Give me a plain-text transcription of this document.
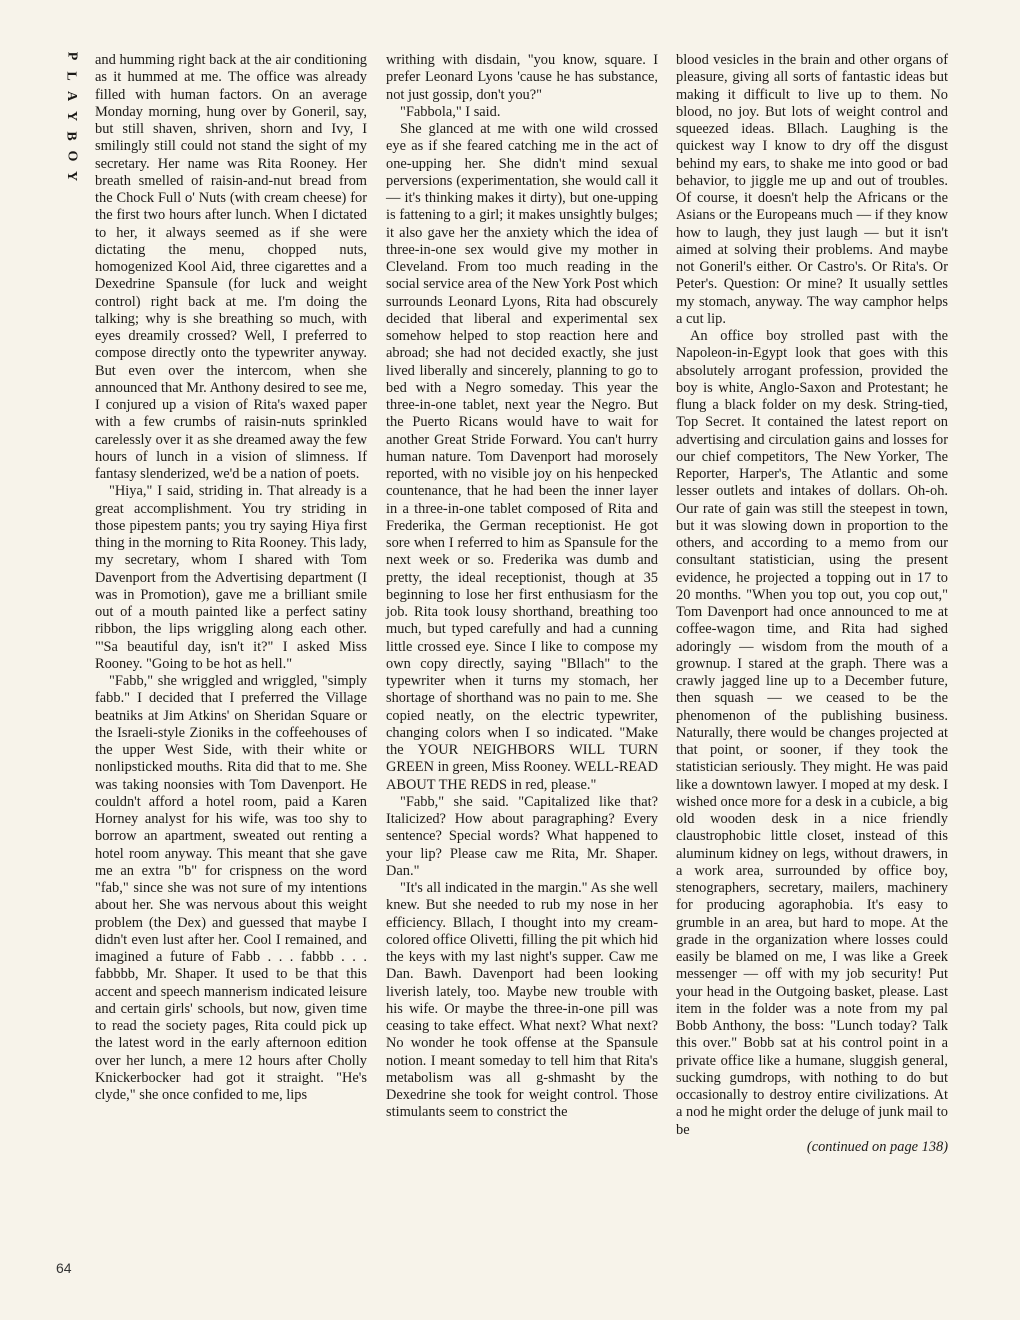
P
L
A
Y
B
O
Y
64

and humming right back at the air conditioning as it hummed at me. The office was already filled with human factors. On an average Monday morning, hung over by Goneril, say, but still shaven, shriven, shorn and Ivy, I smilingly still could not stand the sight of my secretary. Her name was Rita Rooney. Her breath smelled of raisin-and-nut bread from the Chock Full o' Nuts (with cream cheese) for the first two hours after lunch. When I dictated to her, it always seemed as if she were dictating the menu, chopped nuts, homogenized Kool Aid, three cigarettes and a Dexedrine Spansule (for luck and weight control) right back at me. I'm doing the talking; why is she breathing so much, with eyes dreamily crossed? Well, I preferred to compose directly onto the typewriter anyway. But even over the intercom, when she announced that Mr. Anthony desired to see me, I conjured up a vision of Rita's waxed paper with a few crumbs of raisin-nuts sprinkled carelessly over it as she dreamed away the few hours of lunch in a vision of slimness. If fantasy slenderized, we'd be a nation of poets.

"Hiya," I said, striding in. That already is a great accomplishment. You try striding in those pipestem pants; you try saying Hiya first thing in the morning to Rita Rooney. This lady, my secretary, whom I shared with Tom Davenport from the Advertising department (I was in Promotion), gave me a brilliant smile out of a mouth painted like a perfect satiny ribbon, the lips wriggling along each other. "'Sa beautiful day, isn't it?" I asked Miss Rooney. "Going to be hot as hell."

"Fabb," she wriggled and wriggled, "simply fabb." I decided that I preferred the Village beatniks at Jim Atkins' on Sheridan Square or the Israeli-style Zioniks in the coffeehouses of the upper West Side, with their white or nonlipsticked mouths. Rita did that to me. She was taking noonsies with Tom Davenport. He couldn't afford a hotel room, paid a Karen Horney analyst for his wife, was too shy to borrow an apartment, sweated out renting a hotel room anyway. This meant that she gave me an extra "b" for crispness on the word "fab," since she was not sure of my intentions about her. She was nervous about this weight problem (the Dex) and guessed that maybe I didn't even lust after her. Cool I remained, and imagined a future of Fabb . . . fabbb . . . fabbbb, Mr. Shaper. It used to be that this accent and speech mannerism indicated leisure and certain girls' schools, but now, given time to read the society pages, Rita could pick up the latest word in the early afternoon edition over her lunch, a mere 12 hours after Cholly Knickerbocker had got it straight. "He's clyde," she once confided to me, lips

writhing with disdain, "you know, square. I prefer Leonard Lyons 'cause he has substance, not just gossip, don't you?"

"Fabbola," I said.

She glanced at me with one wild crossed eye as if she feared catching me in the act of one-upping her. She didn't mind sexual perversions (experimentation, she would call it — it's thinking makes it dirty), but one-upping is fattening to a girl; it makes unsightly bulges; it also gave her the anxiety which the idea of three-in-one sex would give my mother in Cleveland. From too much reading in the social service area of the New York Post which surrounds Leonard Lyons, Rita had obscurely decided that liberal and experimental sex somehow helped to stop reaction here and abroad; she had not decided exactly, she just lived liberally and sincerely, planning to go to bed with a Negro someday. This year the three-in-one tablet, next year the Negro. But the Puerto Ricans would have to wait for another Great Stride Forward. You can't hurry human nature. Tom Davenport had morosely reported, with no visible joy on his henpecked countenance, that he had been the inner layer in a three-in-one tablet composed of Rita and Frederika, the German receptionist. He got sore when I referred to him as Spansule for the next week or so. Frederika was dumb and pretty, the ideal receptionist, though at 35 beginning to lose her first enthusiasm for the job. Rita took lousy shorthand, breathing too much, but typed carefully and had a cunning little crossed eye. Since I like to compose my own copy directly, saying "Bllach" to the typewriter when it turns my stomach, her shortage of shorthand was no pain to me. She copied neatly, on the electric typewriter, changing colors when I so indicated. "Make the YOUR NEIGHBORS WILL TURN GREEN in green, Miss Rooney. WELL-READ ABOUT THE REDS in red, please."

"Fabb," she said. "Capitalized like that? Italicized? How about paragraphing? Every sentence? Special words? What happened to your lip? Please caw me Rita, Mr. Shaper. Dan."

"It's all indicated in the margin." As she well knew. But she needed to rub my nose in her efficiency. Bllach, I thought into my cream-colored office Olivetti, filling the pit which hid the keys with my last night's supper. Caw me Dan. Bawh. Davenport had been looking liverish lately, too. Maybe new trouble with his wife. Or maybe the three-in-one pill was ceasing to take effect. What next? What next? No wonder he took offense at the Spansule notion. I meant someday to tell him that Rita's metabolism was all g-shmasht by the Dexedrine she took for weight control. Those stimulants seem to constrict the

blood vesicles in the brain and other organs of pleasure, giving all sorts of fantastic ideas but making it difficult to live up to them. No blood, no joy. But lots of weight control and squeezed ideas. Bllach. Laughing is the quickest way I know to dry off the disgust behind my ears, to shake me into good or bad behavior, to jiggle me up and out of troubles. Of course, it doesn't help the Africans or the Asians or the Europeans much — if they know how to laugh, they just laugh — but it isn't aimed at solving their problems. And maybe not Goneril's either. Or Castro's. Or Rita's. Or Peter's. Question: Or mine? It usually settles my stomach, anyway. The way camphor helps a cut lip.

An office boy strolled past with the Napoleon-in-Egypt look that goes with this absolutely arrogant profession, provided the boy is white, Anglo-Saxon and Protestant; he flung a black folder on my desk. String-tied, Top Secret. It contained the latest report on advertising and circulation gains and losses for our chief competitors, The New Yorker, The Reporter, Harper's, The Atlantic and some lesser outlets and intakes of dollars. Oh-oh. Our rate of gain was still the steepest in town, but it was slowing down in proportion to the others, and according to a memo from our consultant statistician, using the present evidence, he projected a topping out in 17 to 20 months. "When you top out, you cop out," Tom Davenport had once announced to me at coffee-wagon time, and Rita had sighed adoringly — wisdom from the mouth of a grownup. I stared at the graph. There was a crawly jagged line up to a December future, then squash — we ceased to be the phenomenon of the publishing business. Naturally, there would be changes projected at that point, or sooner, if they took the statistician seriously. They might. He was paid like a downtown lawyer. I moped at my desk. I wished once more for a desk in a cubicle, a big old wooden desk in a nice friendly claustrophobic little closet, instead of this aluminum kidney on legs, without drawers, in a work area, surrounded by office boy, stenographers, secretary, mailers, machinery for producing agoraphobia. It's easy to grumble in an area, but hard to mope. At the grade in the organization where losses could easily be blamed on me, I was like a Greek messenger — off with my job security! Put your head in the Outgoing basket, please. Last item in the folder was a note from my pal Bobb Anthony, the boss: "Lunch today? Talk this over." Bobb sat at his control point in a private office like a humane, sluggish general, sucking gumdrops, with nothing to do but occasionally to destroy entire civilizations. At a nod he might order the deluge of junk mail to be

(continued on page 138)
